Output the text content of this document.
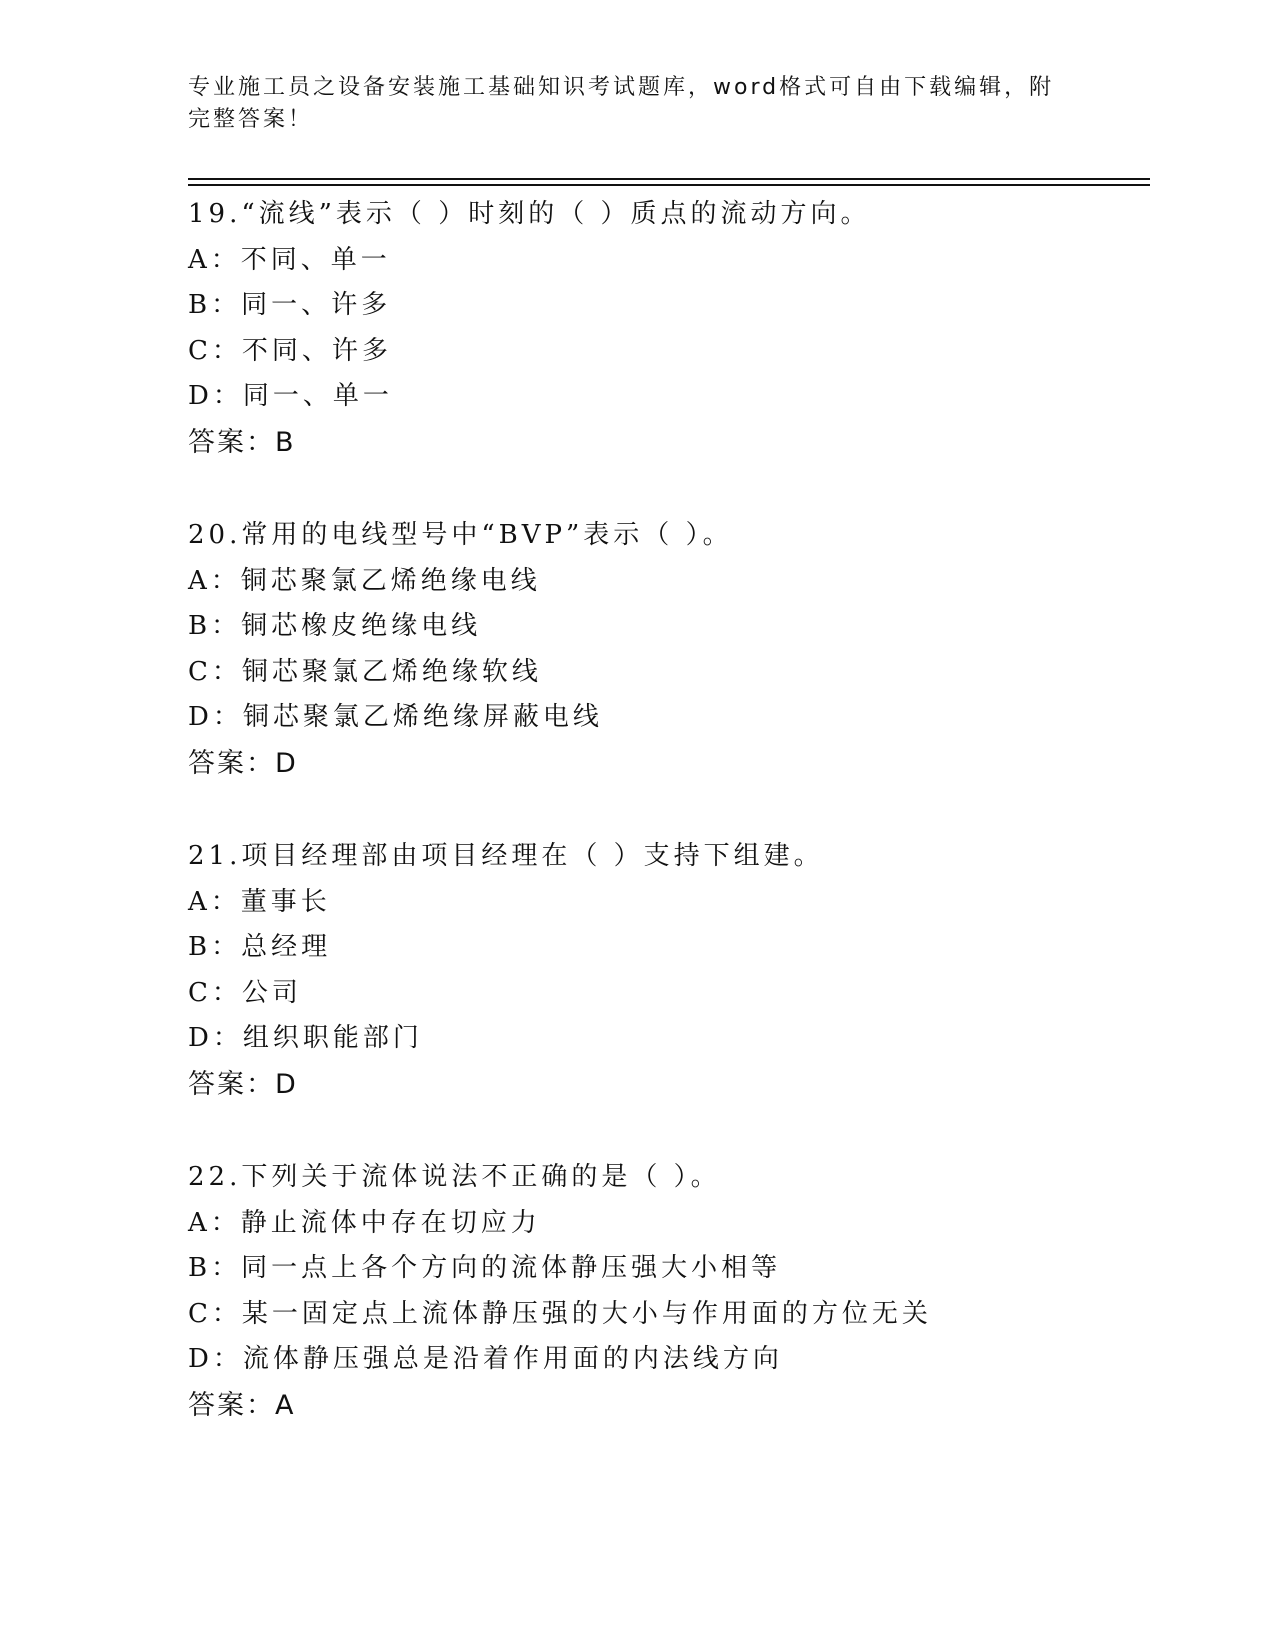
专业施工员之设备安装施工基础知识考试题库，word格式可自由下载编辑，附完整答案！
19.“流线”表示（ ）时刻的（ ）质点的流动方向。
A：不同、单一
B：同一、许多
C：不同、许多
D：同一、单一
答案：B
20.常用的电线型号中“BVP”表示（ ）。
A：铜芯聚氯乙烯绝缘电线
B：铜芯橡皮绝缘电线
C：铜芯聚氯乙烯绝缘软线
D：铜芯聚氯乙烯绝缘屏蔽电线
答案：D
21.项目经理部由项目经理在（ ）支持下组建。
A：董事长
B：总经理
C：公司
D：组织职能部门
答案：D
22.下列关于流体说法不正确的是（ ）。
A：静止流体中存在切应力
B：同一点上各个方向的流体静压强大小相等
C：某一固定点上流体静压强的大小与作用面的方位无关
D：流体静压强总是沿着作用面的内法线方向
答案：A
